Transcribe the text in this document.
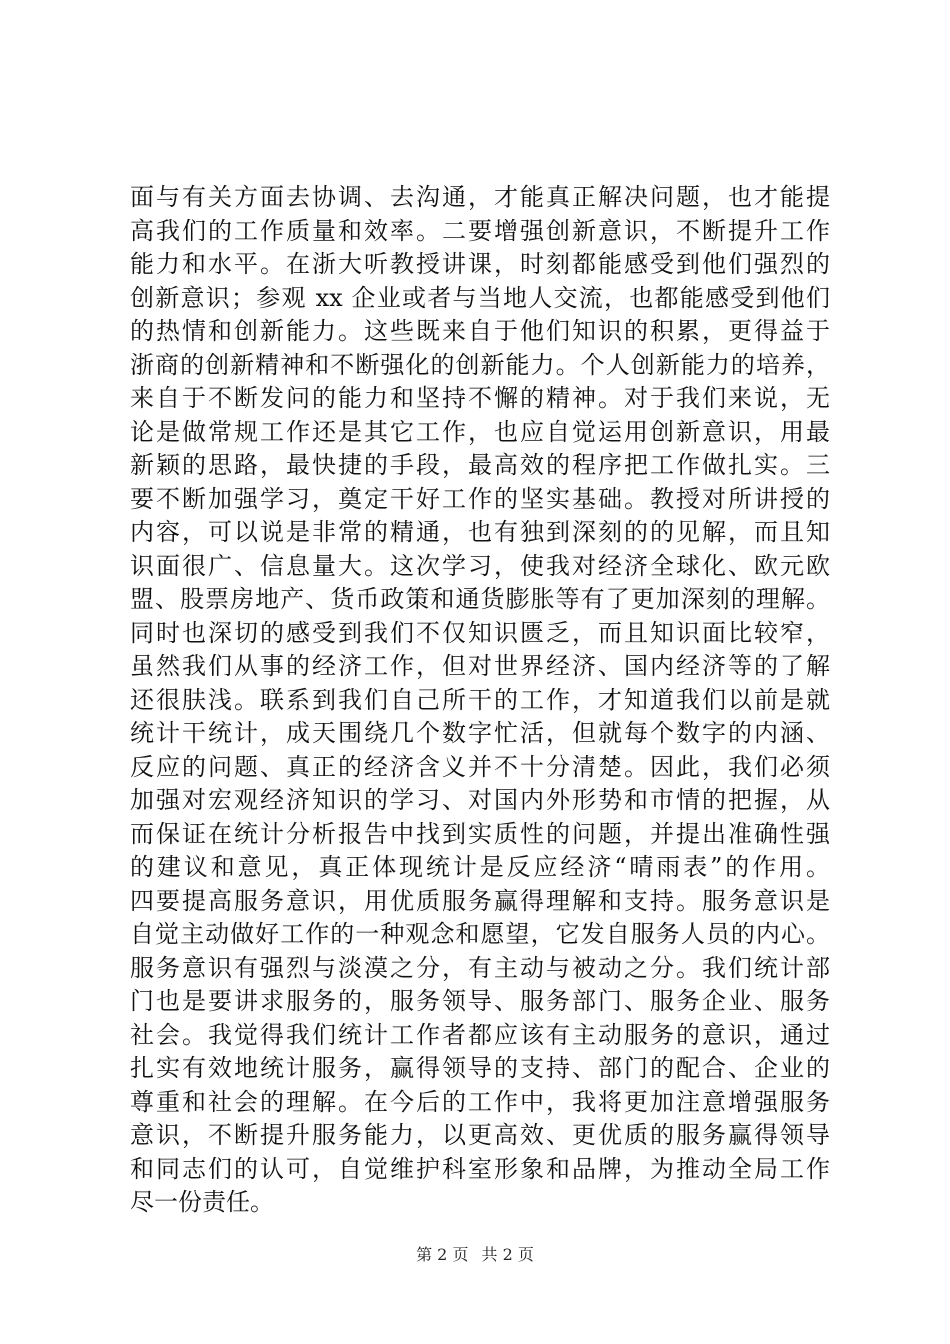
面与有关方面去协调、去沟通，才能真正解决问题，也才能提
高我们的工作质量和效率。二要增强创新意识，不断提升工作
能力和水平。在浙大听教授讲课，时刻都能感受到他们强烈的
创新意识；参观 xx 企业或者与当地人交流，也都能感受到他们
的热情和创新能力。这些既来自于他们知识的积累，更得益于
浙商的创新精神和不断强化的创新能力。个人创新能力的培养，
来自于不断发问的能力和坚持不懈的精神。对于我们来说，无
论是做常规工作还是其它工作，也应自觉运用创新意识，用最
新颖的思路，最快捷的手段，最高效的程序把工作做扎实。三
要不断加强学习，奠定干好工作的坚实基础。教授对所讲授的
内容，可以说是非常的精通，也有独到深刻的的见解，而且知
识面很广、信息量大。这次学习，使我对经济全球化、欧元欧
盟、股票房地产、货币政策和通货膨胀等有了更加深刻的理解。
同时也深切的感受到我们不仅知识匮乏，而且知识面比较窄，
虽然我们从事的经济工作，但对世界经济、国内经济等的了解
还很肤浅。联系到我们自己所干的工作，才知道我们以前是就
统计干统计，成天围绕几个数字忙活，但就每个数字的内涵、
反应的问题、真正的经济含义并不十分清楚。因此，我们必须
加强对宏观经济知识的学习、对国内外形势和市情的把握，从
而保证在统计分析报告中找到实质性的问题，并提出准确性强
的建议和意见，真正体现统计是反应经济“晴雨表”的作用。
四要提高服务意识，用优质服务赢得理解和支持。服务意识是
自觉主动做好工作的一种观念和愿望，它发自服务人员的内心。
服务意识有强烈与淡漠之分，有主动与被动之分。我们统计部
门也是要讲求服务的，服务领导、服务部门、服务企业、服务
社会。我觉得我们统计工作者都应该有主动服务的意识，通过
扎实有效地统计服务，赢得领导的支持、部门的配合、企业的
尊重和社会的理解。在今后的工作中，我将更加注意增强服务
意识，不断提升服务能力，以更高效、更优质的服务赢得领导
和同志们的认可，自觉维护科室形象和品牌，为推动全局工作
尽一份责任。
第 2 页 共 2 页
